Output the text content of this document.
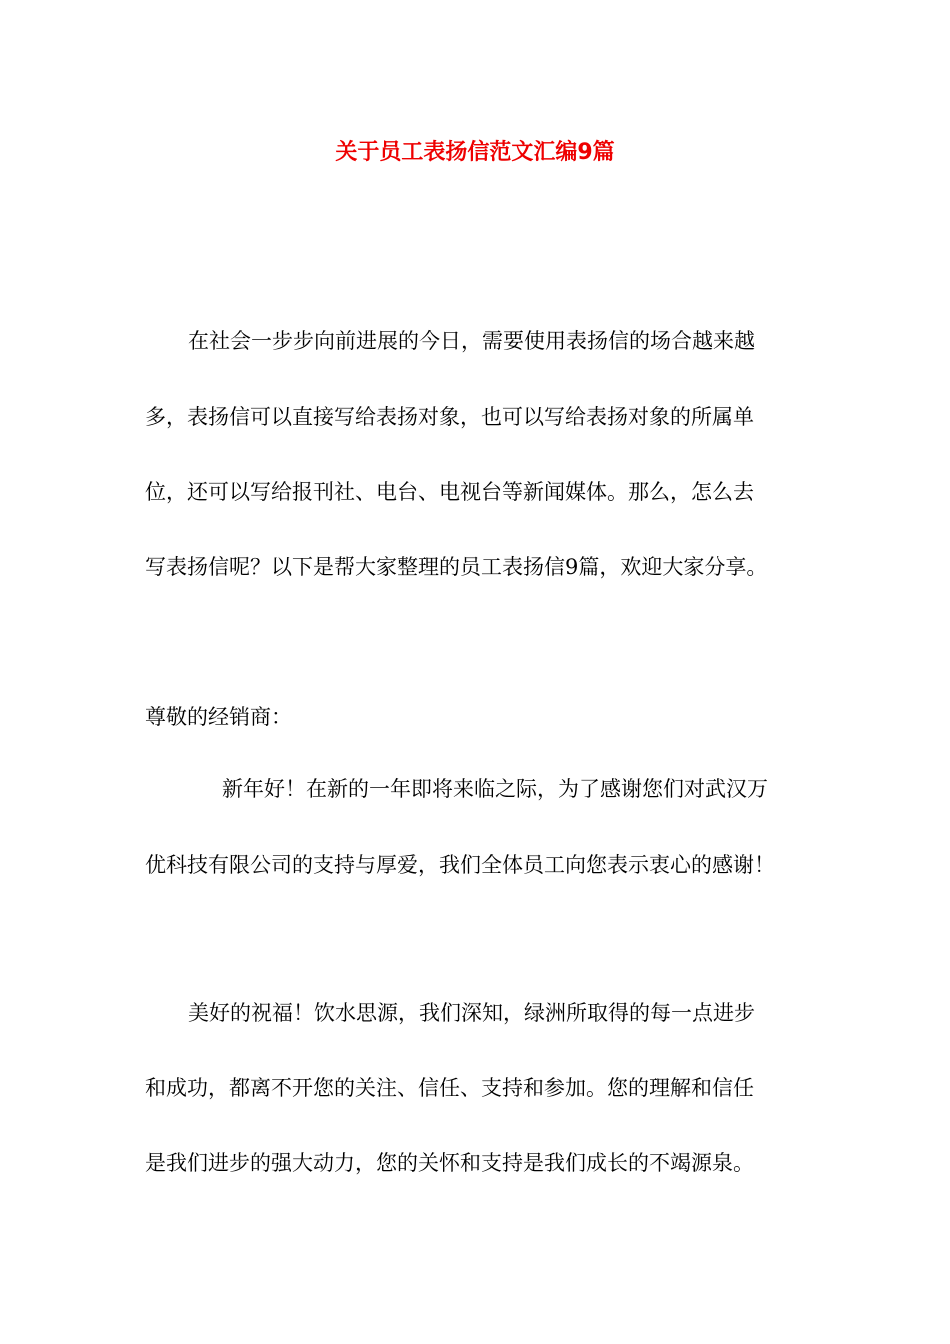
关于员工表扬信范文汇编9篇
在社会一步步向前进展的今日，需要使用表扬信的场合越来越
多，表扬信可以直接写给表扬对象，也可以写给表扬对象的所属单
位，还可以写给报刊社、电台、电视台等新闻媒体。那么，怎么去
写表扬信呢？以下是帮大家整理的员工表扬信9篇，欢迎大家分享。
尊敬的经销商：
新年好！在新的一年即将来临之际，为了感谢您们对武汉万
优科技有限公司的支持与厚爱，我们全体员工向您表示衷心的感谢！
美好的祝福！饮水思源，我们深知，绿洲所取得的每一点进步
和成功，都离不开您的关注、信任、支持和参加。您的理解和信任
是我们进步的强大动力，您的关怀和支持是我们成长的不竭源泉。
